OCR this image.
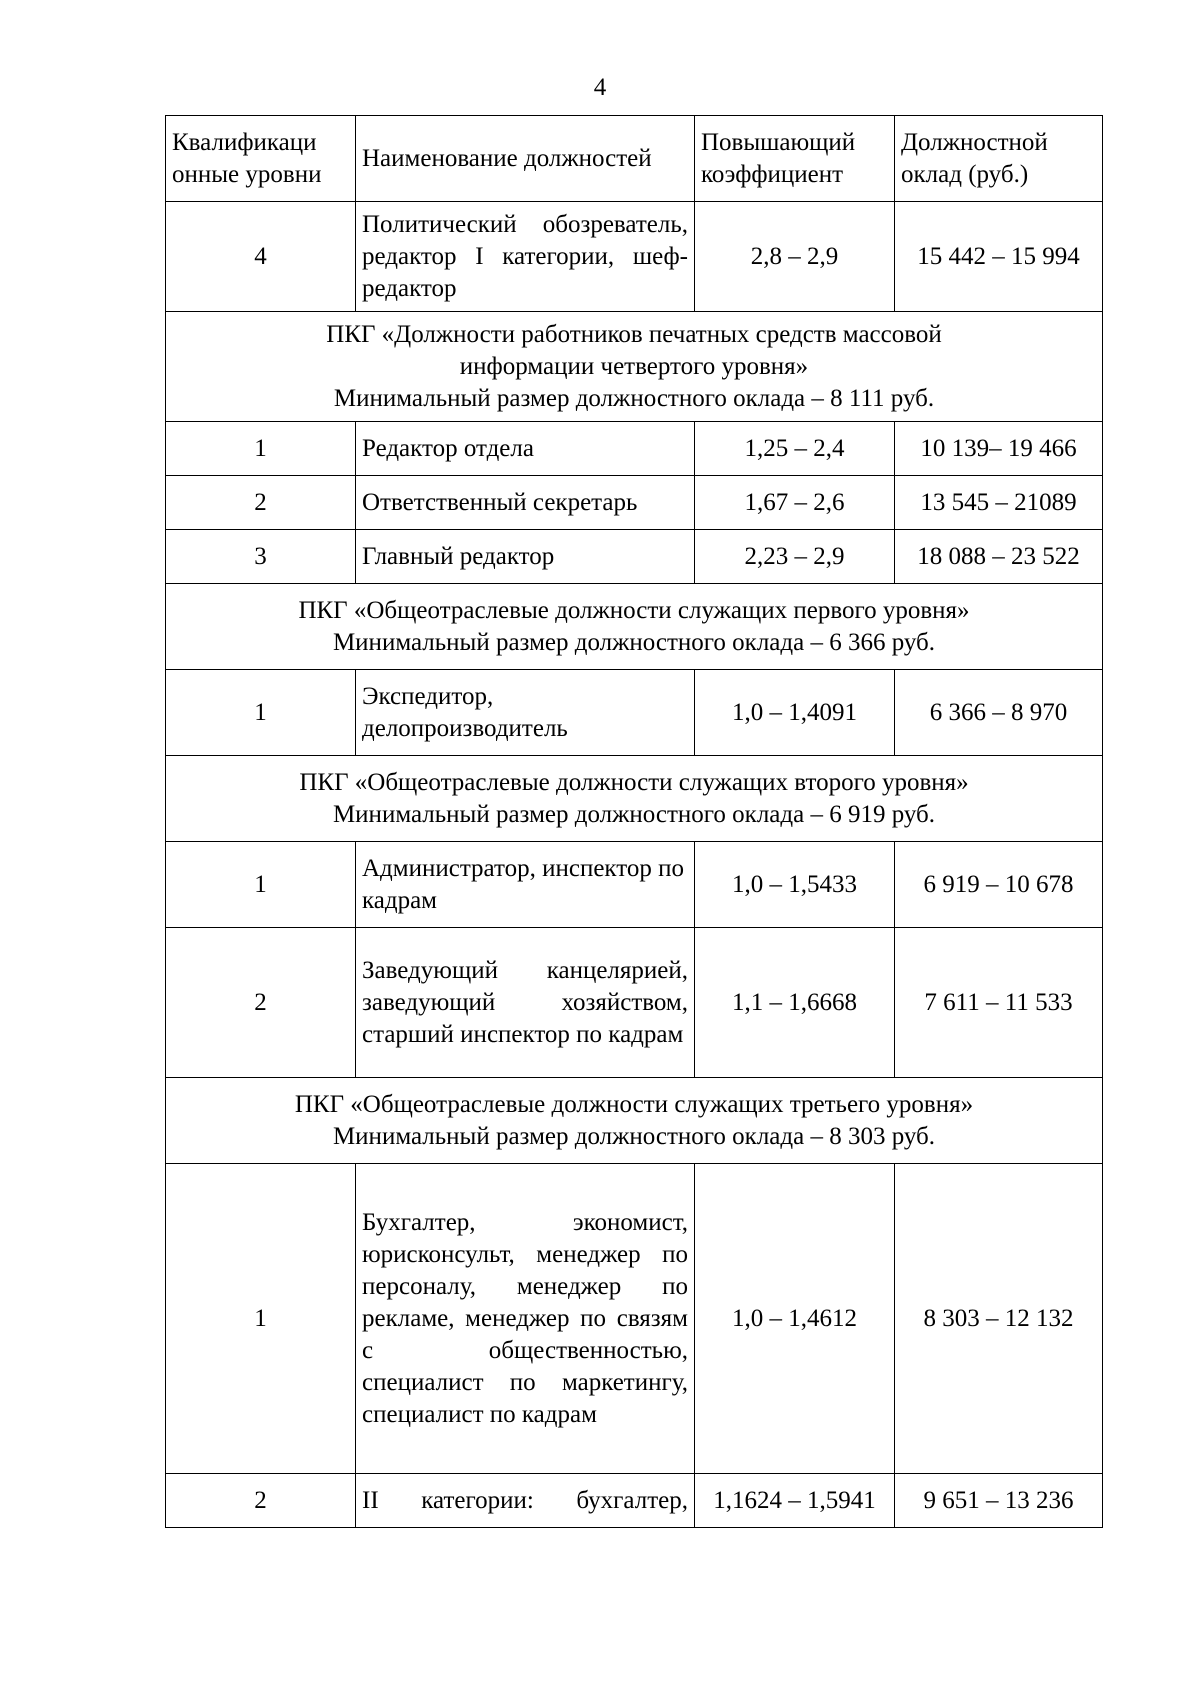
4
Квалификаци онные уровни	Наименование должностей	Повышающий коэффициент	Должностной оклад (руб.)
4	Политический обозреватель, редактор I категории, шеф-редактор	2,8 – 2,9	15 442 – 15 994

ПКГ «Должности работников печатных средств массовой
информации четвертого уровня»
Минимальный размер должностного оклада – 8 111 руб.			

1	Редактор отдела	1,25 – 2,4	10 139– 19 466
2	Ответственный секретарь	1,67 – 2,6	13 545 – 21089
3	Главный редактор	2,23 – 2,9	18 088 – 23 522

ПКГ «Общеотраслевые должности служащих первого уровня»
Минимальный размер должностного оклада – 6 366 руб.			

1	Экспедитор, делопроизводитель	1,0 – 1,4091	6 366 – 8 970

ПКГ «Общеотраслевые должности служащих второго уровня»
Минимальный размер должностного оклада – 6 919 руб.			

1	Администратор, инспектор по кадрам	1,0 – 1,5433	6 919 – 10 678
2	Заведующий канцелярией, заведующий хозяйством, старший инспектор по кадрам	1,1 – 1,6668	7 611 – 11 533

ПКГ «Общеотраслевые должности служащих третьего уровня»
Минимальный размер должностного оклада – 8 303 руб.			

1	Бухгалтер, экономист, юрисконсульт, менеджер по персоналу, менеджер по рекламе, менеджер по связям с общественностью, специалист по маркетингу, специалист по кадрам	1,0 – 1,4612	8 303 – 12 132
2	II категории: бухгалтер,	1,1624 – 1,5941	9 651 – 13 236
